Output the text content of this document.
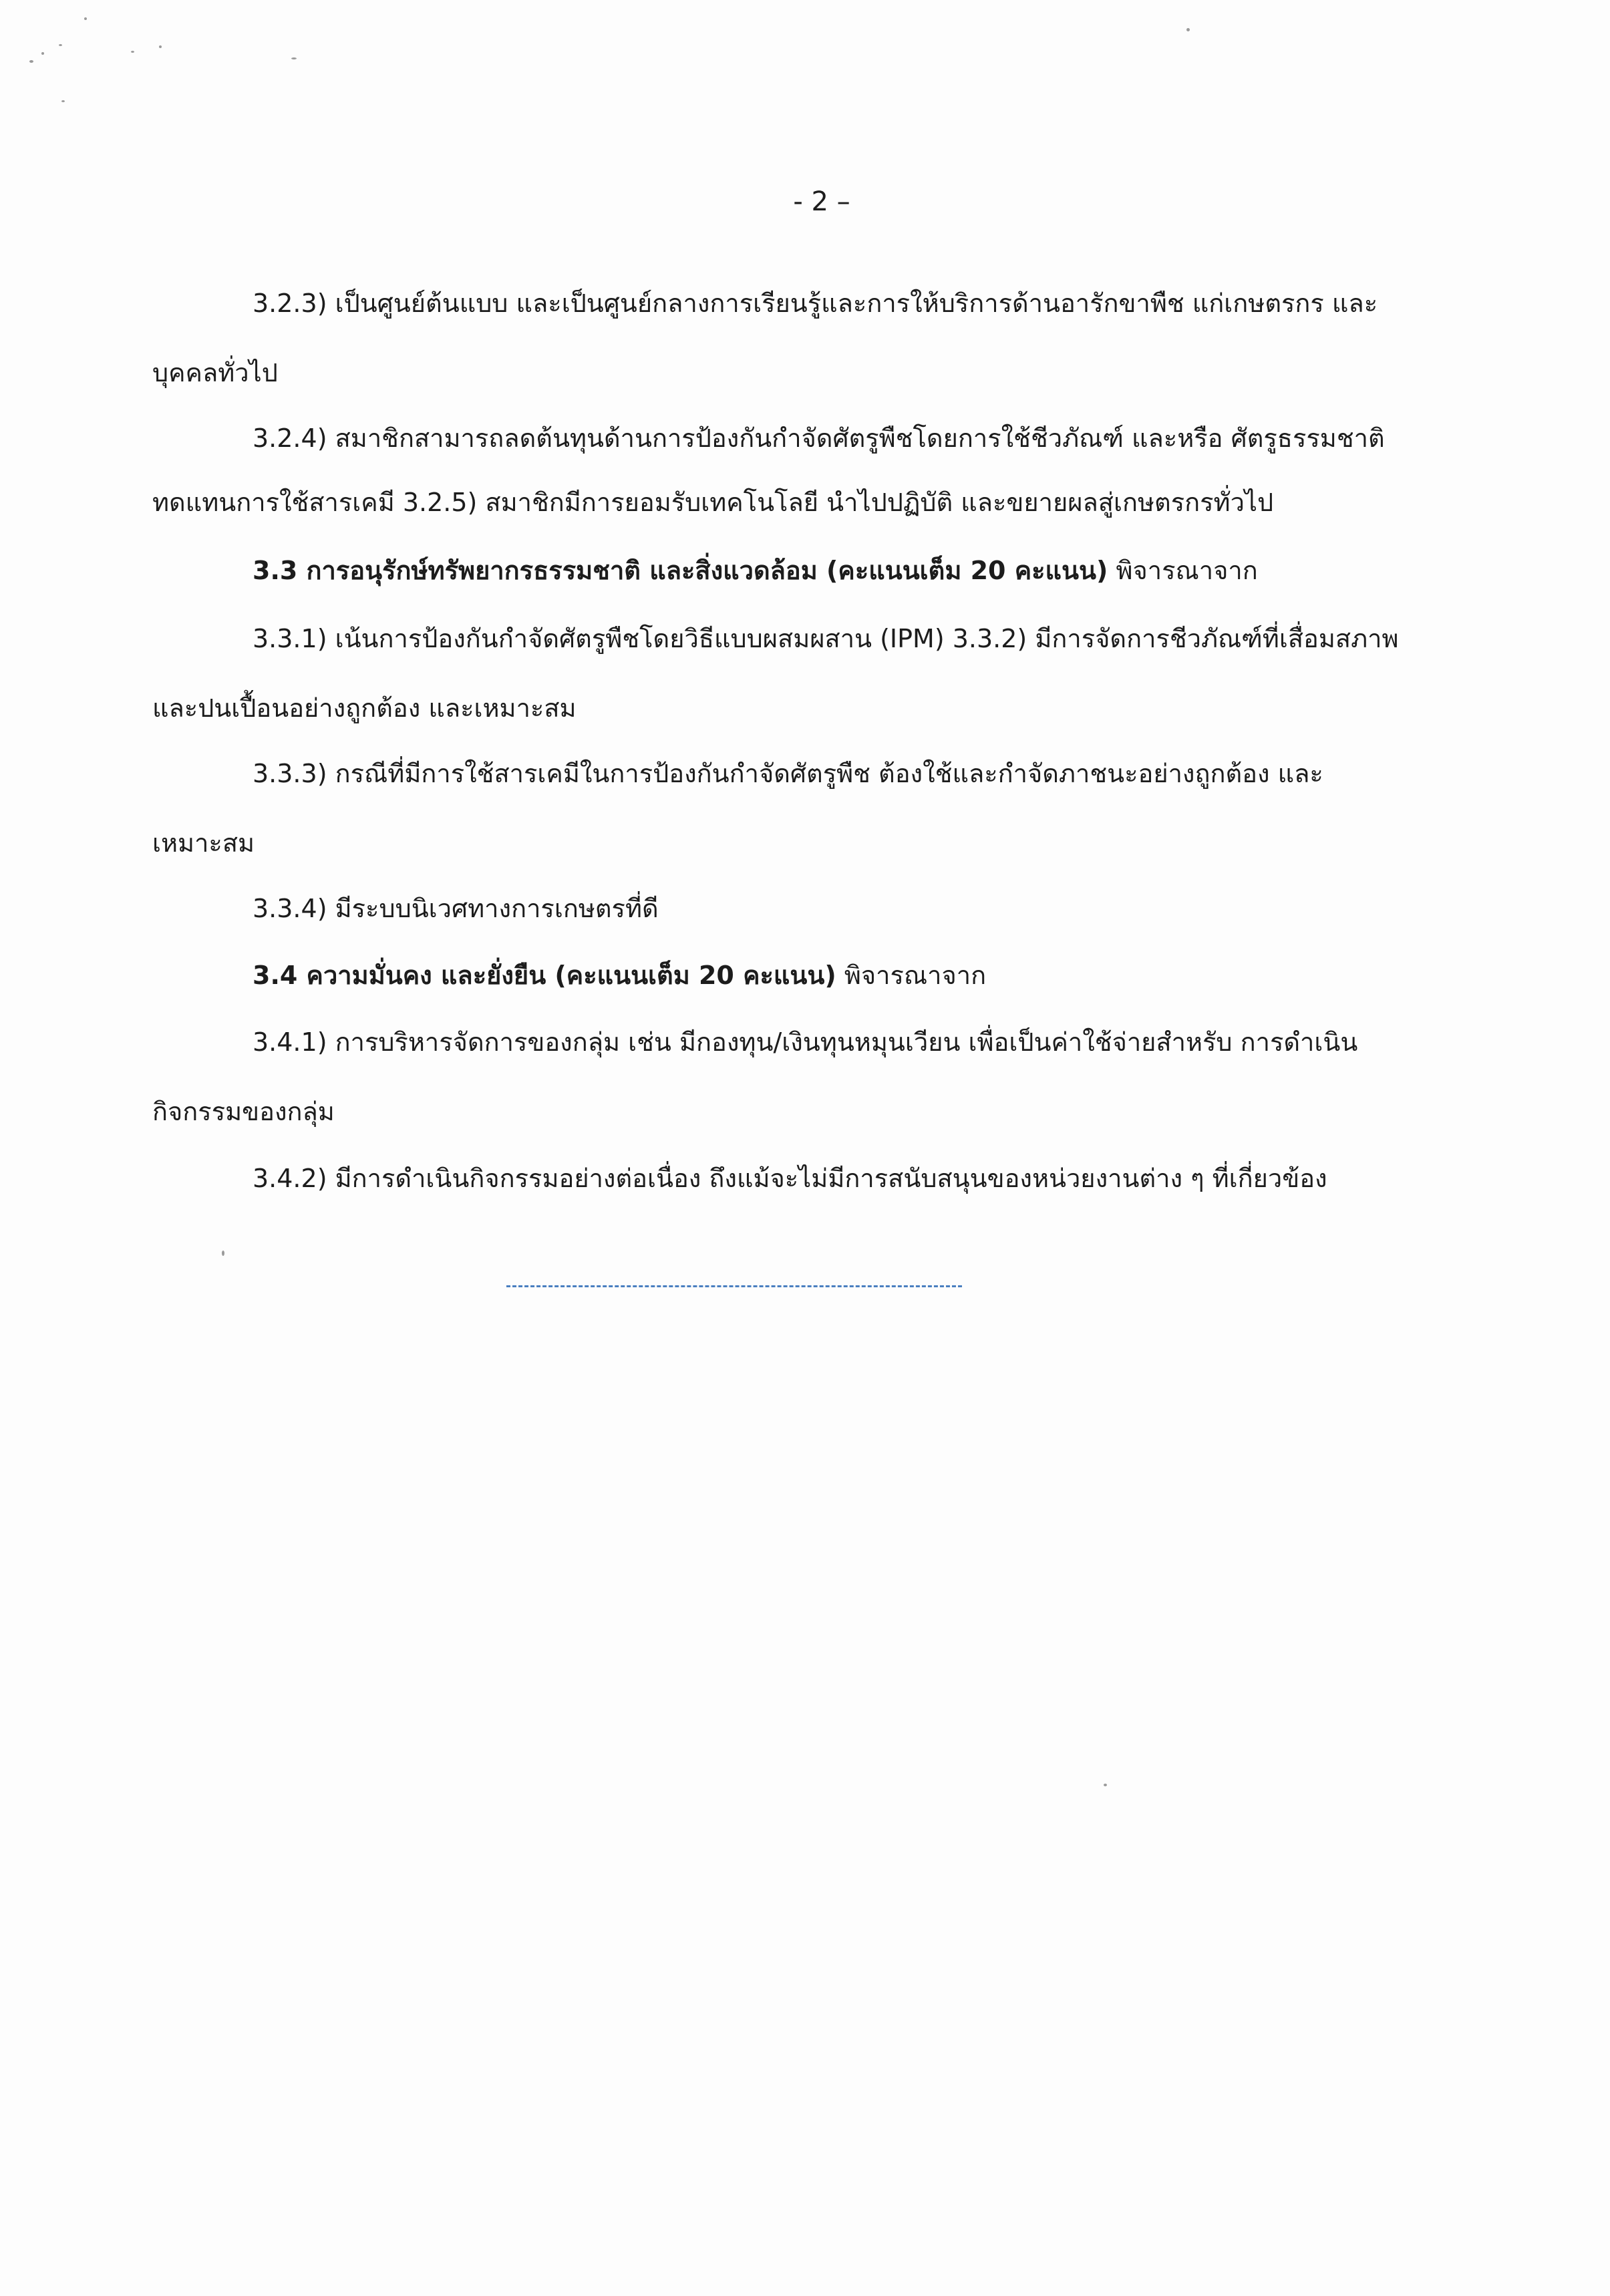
- 2 –
3.2.3) เป็นศูนย์ต้นแบบ และเป็นศูนย์กลางการเรียนรู้และการให้บริการด้านอารักขาพืช แก่เกษตรกร และ
บุคคลทั่วไป
3.2.4) สมาชิกสามารถลดต้นทุนด้านการป้องกันกำจัดศัตรูพืชโดยการใช้ชีวภัณฑ์ และหรือ ศัตรูธรรมชาติ
ทดแทนการใช้สารเคมี 3.2.5) สมาชิกมีการยอมรับเทคโนโลยี นำไปปฏิบัติ และขยายผลสู่เกษตรกรทั่วไป
3.3 การอนุรักษ์ทรัพยากรธรรมชาติ และสิ่งแวดล้อม (คะแนนเต็ม 20 คะแนน) พิจารณาจาก
3.3.1) เน้นการป้องกันกำจัดศัตรูพืชโดยวิธีแบบผสมผสาน (IPM) 3.3.2) มีการจัดการชีวภัณฑ์ที่เสื่อมสภาพ
และปนเปื้อนอย่างถูกต้อง และเหมาะสม
3.3.3) กรณีที่มีการใช้สารเคมีในการป้องกันกำจัดศัตรูพืช ต้องใช้และกำจัดภาชนะอย่างถูกต้อง และ
เหมาะสม
3.3.4) มีระบบนิเวศทางการเกษตรที่ดี
3.4 ความมั่นคง และยั่งยืน (คะแนนเต็ม 20 คะแนน) พิจารณาจาก
3.4.1) การบริหารจัดการของกลุ่ม เช่น มีกองทุน/เงินทุนหมุนเวียน เพื่อเป็นค่าใช้จ่ายสำหรับ การดำเนิน
กิจกรรมของกลุ่ม
3.4.2) มีการดำเนินกิจกรรมอย่างต่อเนื่อง ถึงแม้จะไม่มีการสนับสนุนของหน่วยงานต่าง ๆ ที่เกี่ยวข้อง
